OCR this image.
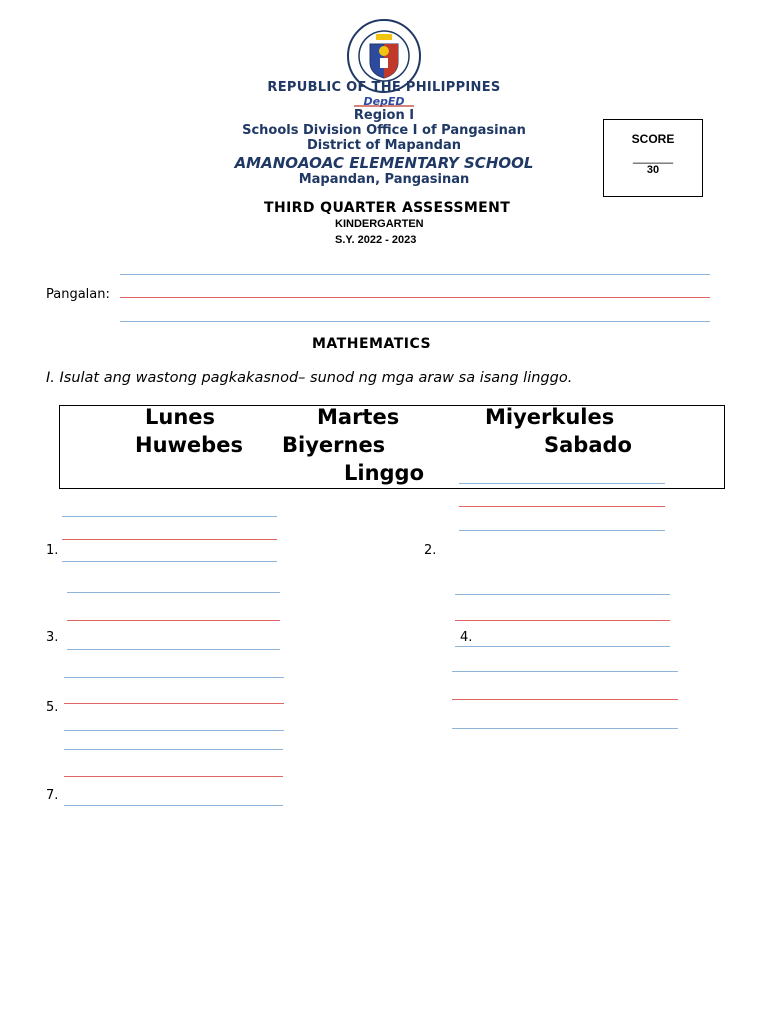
REPUBLIC OF THE PHILIPPINES
DepED
Region I
Schools Division Office I of Pangasinan
District of Mapandan
AMANOAOAC ELEMENTARY SCHOOL
Mapandan, Pangasinan
SCORE
______
30
THIRD QUARTER ASSESSMENT
KINDERGARTEN
S.Y. 2022 - 2023
Pangalan:
MATHEMATICS
I. Isulat ang wastong pagkakasnod– sunod ng mga araw sa isang linggo.
Lunes	Martes	Miyerkules
Huwebes Biyernes	Sabado
Linggo
1.	2.
3.	4.
5.
7.
